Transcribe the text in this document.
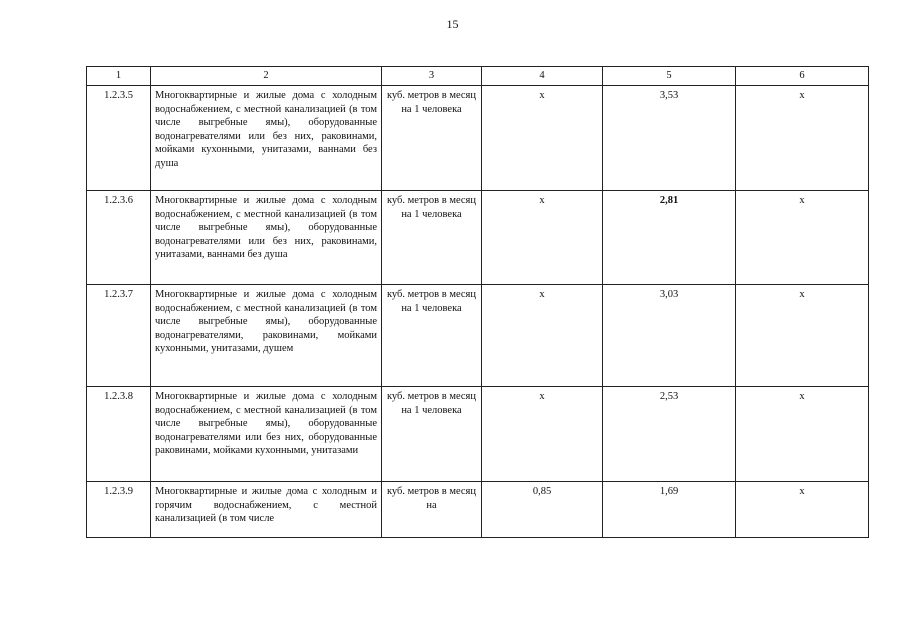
15
1	2	3	4	5	6
1.2.3.5	Многоквартирные и жилые дома с холодным водоснабжением, с местной канализацией (в том числе выгребные ямы), оборудованные водонагревателями или без них, раковинами, мойками кухонными, унитазами, ваннами без душа	куб. метров в месяц на 1 человека	х	3,53	х
1.2.3.6	Многоквартирные и жилые дома с холодным водоснабжением, с местной канализацией (в том числе выгребные ямы), оборудованные водонагревателями или без них, раковинами, унитазами, ваннами без душа	куб. метров в месяц на 1 человека	х	2,81	х
1.2.3.7	Многоквартирные и жилые дома с холодным водоснабжением, с местной канализацией (в том числе выгребные ямы), оборудованные водонагревателями, раковинами, мойками кухонными, унитазами, душем	куб. метров в месяц на 1 человека	х	3,03	х
1.2.3.8	Многоквартирные и жилые дома с холодным водоснабжением, с местной канализацией (в том числе выгребные ямы), оборудованные водонагревателями или без них, оборудованные раковинами, мойками кухонными, унитазами	куб. метров в месяц на 1 человека	х	2,53	х
1.2.3.9	Многоквартирные и жилые дома с холодным и горячим водоснабжением, с местной канализацией (в том числе	куб. метров в месяц на	0,85	1,69	х
